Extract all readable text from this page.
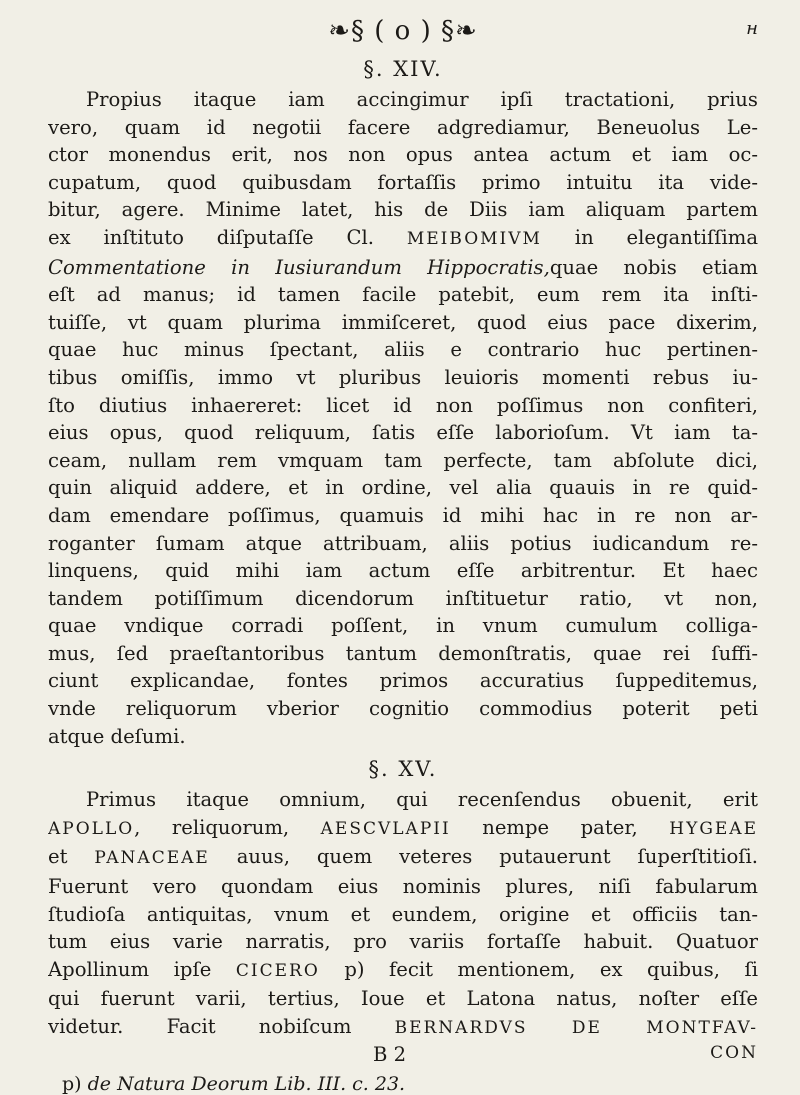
❧§ ( o ) §❧	н
§. XIV.
Propius itaque iam accingimur ipſi tractationi, prius
vero, quam id negotii facere adgrediamur, Beneuolus Le-
ctor monendus erit, nos non opus antea actum et iam oc-
cupatum, quod quibusdam fortaſſis primo intuitu ita vide-
bitur, agere. Minime latet, his de Diis iam aliquam partem
ex inſtituto diſputaſſe Cl. MEIBOMIVM in elegantiſſima
Commentatione in Iusiurandum Hippocratis,quae nobis etiam
eſt ad manus; id tamen facile patebit, eum rem ita inſti-
tuiſſe, vt quam plurima immiſceret, quod eius pace dixerim,
quae huc minus ſpectant, aliis e contrario huc pertinen-
tibus omiſſis, immo vt pluribus leuioris momenti rebus iu-
ſto diutius inhaereret: licet id non poſſimus non confiteri,
eius opus, quod reliquum, ſatis eſſe laborioſum. Vt iam ta-
ceam, nullam rem vmquam tam perfecte, tam abſolute dici,
quin aliquid addere, et in ordine, vel alia quauis in re quid-
dam emendare poſſimus, quamuis id mihi hac in re non ar-
roganter ſumam atque attribuam, aliis potius iudicandum re-
linquens, quid mihi iam actum eſſe arbitrentur. Et haec
tandem potiſſimum dicendorum inſtituetur ratio, vt non,
quae vndique corradi poſſent, in vnum cumulum colliga-
mus, ſed praeſtantoribus tantum demonſtratis, quae rei ſuffi-
ciunt explicandae, fontes primos accuratius ſuppeditemus,
vnde reliquorum vberior cognitio commodius poterit peti
atque deſumi.
§. XV.
Primus itaque omnium, qui recenſendus obuenit, erit
APOLLO, reliquorum, AESCVLAPII nempe pater, HYGEAE
et PANACEAE auus, quem veteres putauerunt ſuperſtitioſi.
Fuerunt vero quondam eius nominis plures, niſi fabularum
ſtudioſa antiquitas, vnum et eundem, origine et officiis tan-
tum eius varie narratis, pro variis fortaſſe habuit. Quatuor
Apollinum ipſe CICERO p) fecit mentionem, ex quibus, ſi
qui fuerunt varii, tertius, Ioue et Latona natus, noſter eſſe
videtur. Facit nobiſcum BERNARDVS DE MONTFAV-
B 2	CON
p) de Natura Deorum Lib. III. c. 23.
